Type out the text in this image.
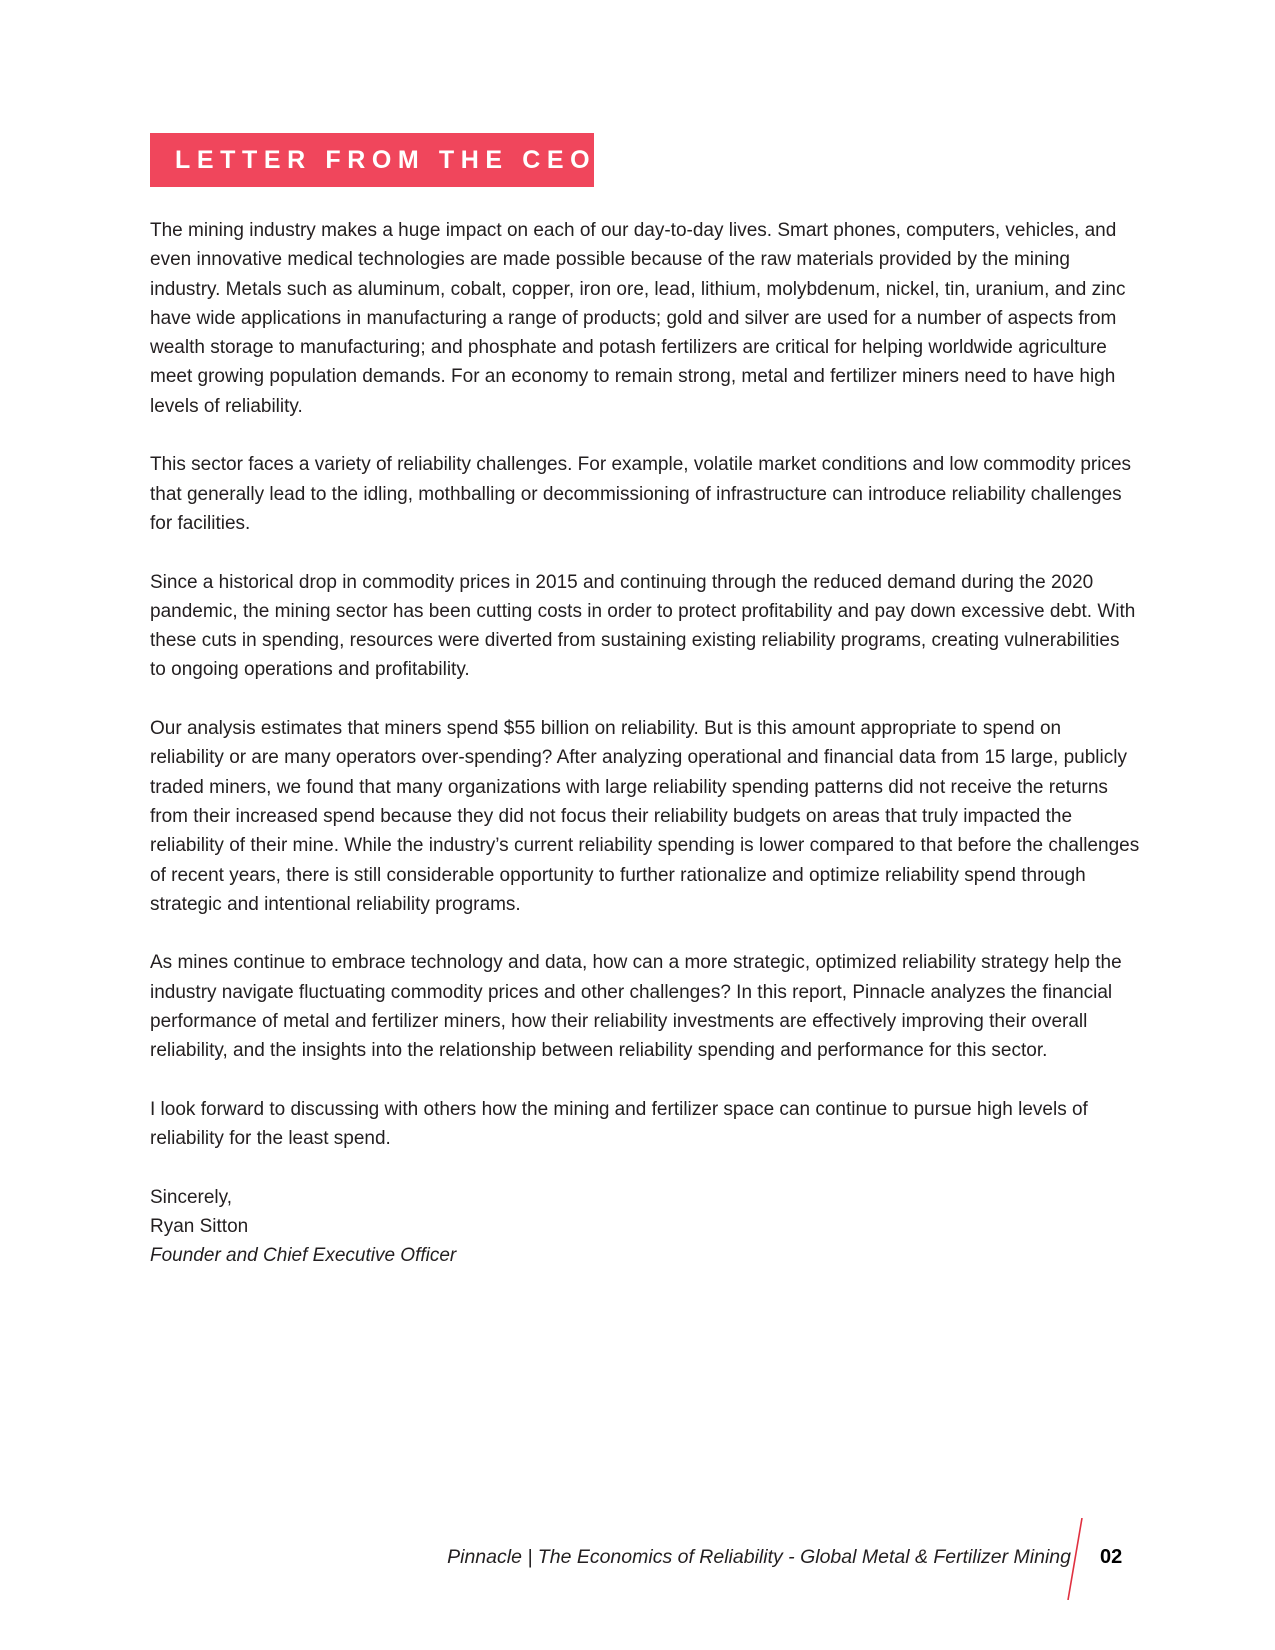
LETTER FROM THE CEO

The mining industry makes a huge impact on each of our day-to-day lives. Smart phones, computers, vehicles, and even innovative medical technologies are made possible because of the raw materials provided by the mining industry. Metals such as aluminum, cobalt, copper, iron ore, lead, lithium, molybdenum, nickel, tin, uranium, and zinc have wide applications in manufacturing a range of products; gold and silver are used for a number of aspects from wealth storage to manufacturing; and phosphate and potash fertilizers are critical for helping worldwide agriculture meet growing population demands. For an economy to remain strong, metal and fertilizer miners need to have high levels of reliability.

This sector faces a variety of reliability challenges. For example, volatile market conditions and low commodity prices that generally lead to the idling, mothballing or decommissioning of infrastructure can introduce reliability challenges for facilities.

Since a historical drop in commodity prices in 2015 and continuing through the reduced demand during the 2020 pandemic, the mining sector has been cutting costs in order to protect profitability and pay down excessive debt. With these cuts in spending, resources were diverted from sustaining existing reliability programs, creating vulnerabilities to ongoing operations and profitability.

Our analysis estimates that miners spend $55 billion on reliability. But is this amount appropriate to spend on reliability or are many operators over-spending? After analyzing operational and financial data from 15 large, publicly traded miners, we found that many organizations with large reliability spending patterns did not receive the returns from their increased spend because they did not focus their reliability budgets on areas that truly impacted the reliability of their mine. While the industry’s current reliability spending is lower compared to that before the challenges of recent years, there is still considerable opportunity to further rationalize and optimize reliability spend through strategic and intentional reliability programs.

As mines continue to embrace technology and data, how can a more strategic, optimized reliability strategy help the industry navigate fluctuating commodity prices and other challenges? In this report, Pinnacle analyzes the financial performance of metal and fertilizer miners, how their reliability investments are effectively improving their overall reliability, and the insights into the relationship between reliability spending and performance for this sector.

I look forward to discussing with others how the mining and fertilizer space can continue to pursue high levels of reliability for the least spend.

Sincerely,
Ryan Sitton
Founder and Chief Executive Officer
Pinnacle | The Economics of Reliability - Global Metal & Fertilizer Mining 02
